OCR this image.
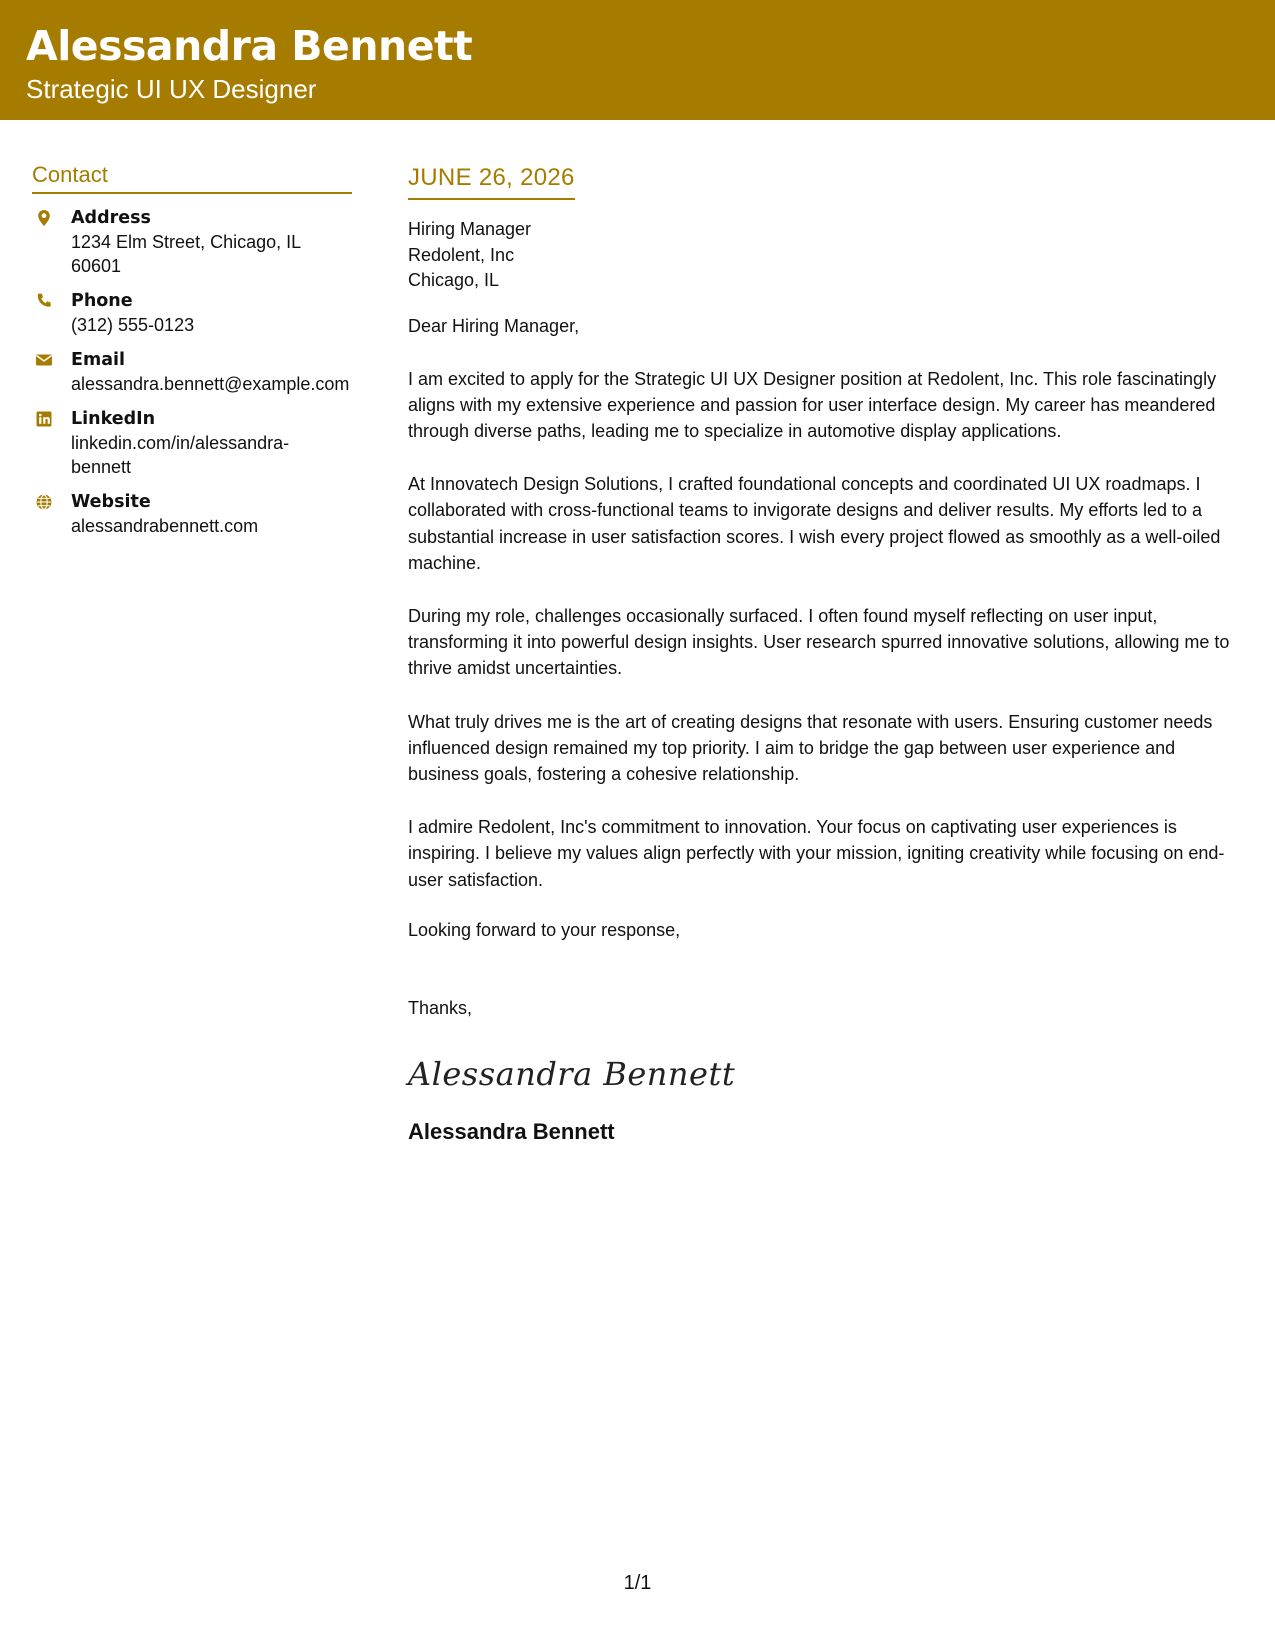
Alessandra Bennett
Strategic UI UX Designer
Contact
Address
1234 Elm Street, Chicago, IL 60601
Phone
(312) 555-0123
Email
alessandra.bennett@example.com
LinkedIn
linkedin.com/in/alessandra-bennett
Website
alessandrabennett.com
JUNE 26, 2026
Hiring Manager
Redolent, Inc
Chicago, IL
Dear Hiring Manager,
I am excited to apply for the Strategic UI UX Designer position at Redolent, Inc. This role fascinatingly aligns with my extensive experience and passion for user interface design. My career has meandered through diverse paths, leading me to specialize in automotive display applications.
At Innovatech Design Solutions, I crafted foundational concepts and coordinated UI UX roadmaps. I collaborated with cross-functional teams to invigorate designs and deliver results. My efforts led to a substantial increase in user satisfaction scores. I wish every project flowed as smoothly as a well-oiled machine.
During my role, challenges occasionally surfaced. I often found myself reflecting on user input, transforming it into powerful design insights. User research spurred innovative solutions, allowing me to thrive amidst uncertainties.
What truly drives me is the art of creating designs that resonate with users. Ensuring customer needs influenced design remained my top priority. I aim to bridge the gap between user experience and business goals, fostering a cohesive relationship.
I admire Redolent, Inc's commitment to innovation. Your focus on captivating user experiences is inspiring. I believe my values align perfectly with your mission, igniting creativity while focusing on end-user satisfaction.
Looking forward to your response,
Thanks,
Alessandra Bennett
Alessandra Bennett
1/1
